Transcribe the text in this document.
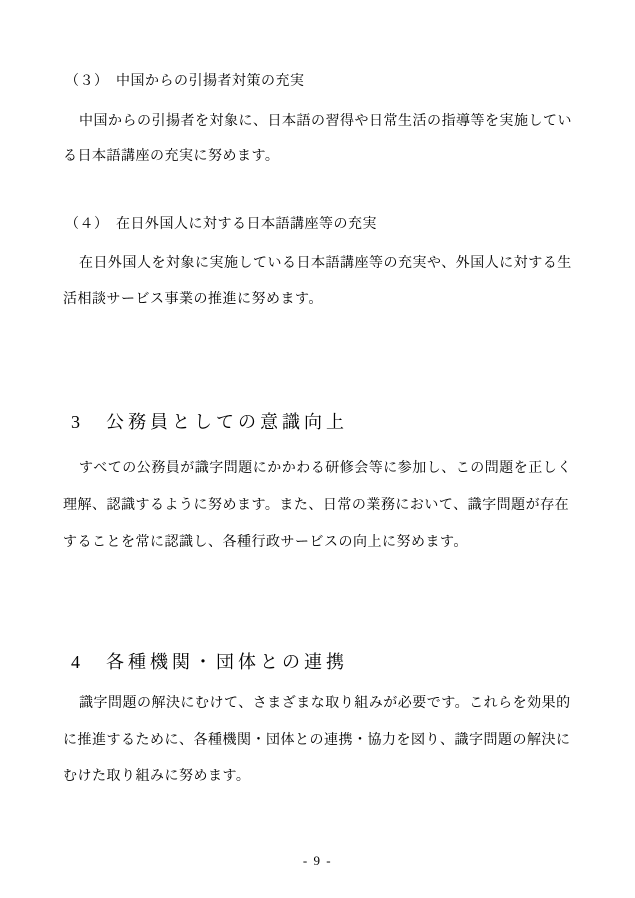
（３）　中国からの引揚者対策の充実
中国からの引揚者を対象に、日本語の習得や日常生活の指導等を実施してい
る日本語講座の充実に努めます。
（４）　在日外国人に対する日本語講座等の充実
在日外国人を対象に実施している日本語講座等の充実や、外国人に対する生
活相談サービス事業の推進に努めます。
3　公務員としての意識向上
すべての公務員が識字問題にかかわる研修会等に参加し、この問題を正しく
理解、認識するように努めます。また、日常の業務において、識字問題が存在
することを常に認識し、各種行政サービスの向上に努めます。
4　各種機関・団体との連携
識字問題の解決にむけて、さまざまな取り組みが必要です。これらを効果的
に推進するために、各種機関・団体との連携・協力を図り、識字問題の解決に
むけた取り組みに努めます。
- 9 -
